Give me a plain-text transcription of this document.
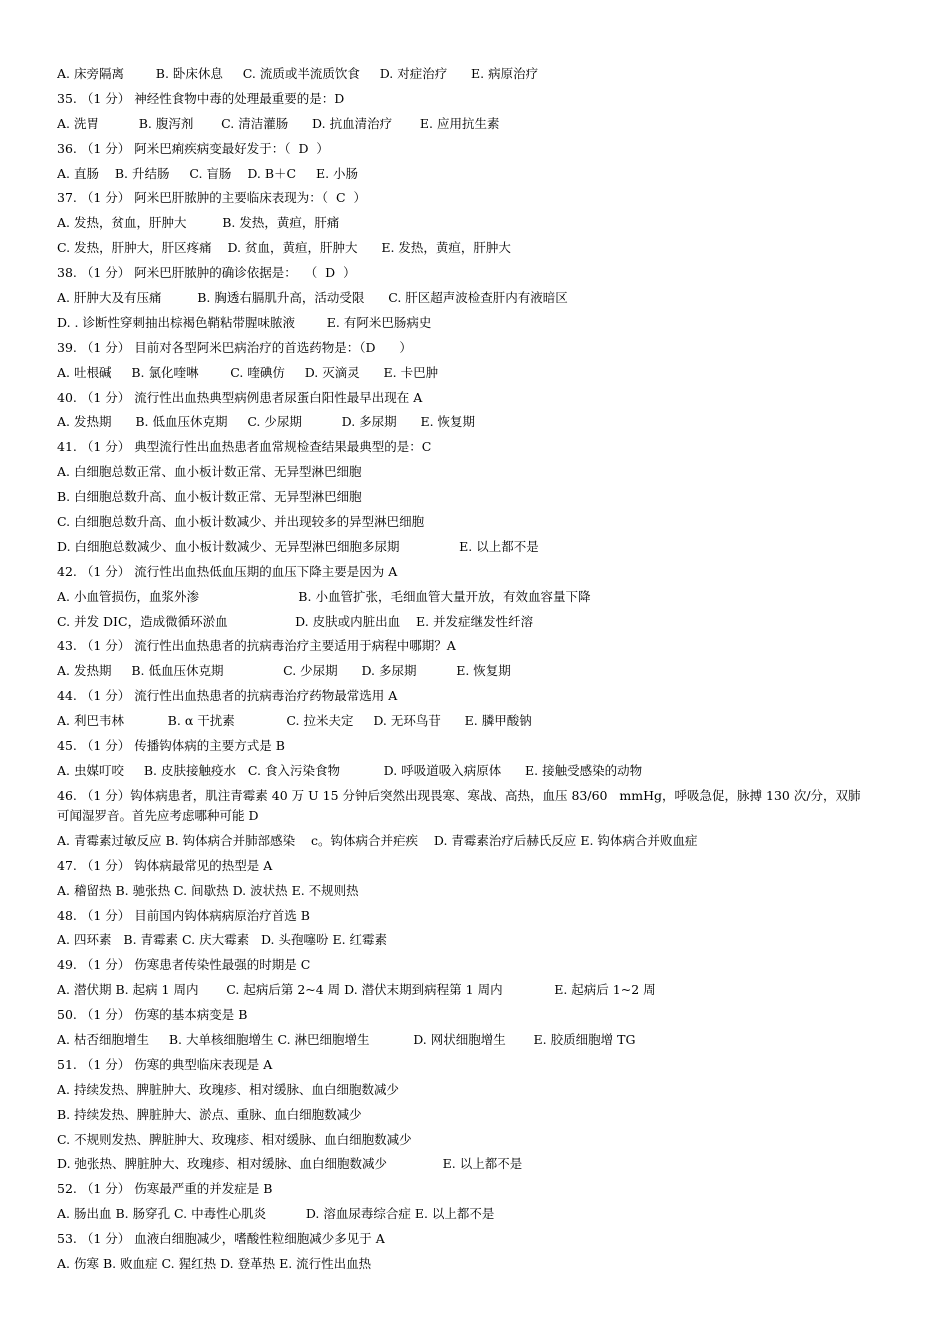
A. 床旁隔离        B. 卧床休息     C. 流质或半流质饮食     D. 对症治疗      E. 病原治疗
35. （1 分） 神经性食物中毒的处理最重要的是：D
A. 洗胃          B. 腹泻剂       C. 清洁灌肠      D. 抗血清治疗       E. 应用抗生素
36. （1 分） 阿米巴痢疾病变最好发于：（  D  ）
A. 直肠    B. 升结肠     C. 盲肠    D. B＋C     E. 小肠
37. （1 分） 阿米巴肝脓肿的主要临床表现为：（  C  ）
A. 发热，贫血，肝肿大         B. 发热，黄疸，肝痛
C. 发热，肝肿大，肝区疼痛    D. 贫血，黄疸，肝肿大      E. 发热，黄疸，肝肿大
38. （1 分） 阿米巴肝脓肿的确诊依据是：  （  D  ）
A. 肝肿大及有压痛         B. 胸透右膈肌升高，活动受限      C. 肝区超声波检查肝内有液暗区
D. . 诊断性穿刺抽出棕褐色鞘粘带腥味脓液        E. 有阿米巴肠病史
39. （1 分） 目前对各型阿米巴病治疗的首选药物是：（D      ）
A. 吐根碱     B. 氯化喹啉        C. 喹碘仿     D. 灭滴灵      E. 卡巴肿
40. （1 分） 流行性出血热典型病例患者尿蛋白阳性最早出现在 A
A. 发热期      B. 低血压休克期     C. 少尿期          D. 多尿期      E. 恢复期
41. （1 分） 典型流行性出血热患者血常规检查结果最典型的是：C
A. 白细胞总数正常、血小板计数正常、无异型淋巴细胞
B. 白细胞总数升高、血小板计数正常、无异型淋巴细胞
C. 白细胞总数升高、血小板计数减少、并出现较多的异型淋巴细胞
D. 白细胞总数减少、血小板计数减少、无异型淋巴细胞多尿期               E. 以上都不是
42. （1 分） 流行性出血热低血压期的血压下降主要是因为 A
A. 小血管损伤，血浆外渗                         B. 小血管扩张，毛细血管大量开放，有效血容量下降
C. 并发 DIC，造成微循环淤血                 D. 皮肤或内脏出血    E. 并发症继发性纤溶
43. （1 分） 流行性出血热患者的抗病毒治疗主要适用于病程中哪期？A
A. 发热期     B. 低血压休克期               C. 少尿期      D. 多尿期          E. 恢复期
44. （1 分） 流行性出血热患者的抗病毒治疗药物最常选用 A
A. 利巴韦林           B. α 干扰素             C. 拉米夫定     D. 无环鸟苷      E. 膦甲酸钠
45. （1 分） 传播钩体病的主要方式是 B
A. 虫媒叮咬     B. 皮肤接触疫水   C. 食入污染食物           D. 呼吸道吸入病原体      E. 接触受感染的动物
46. （1 分）钩体病患者，肌注青霉素 40 万 U 15 分钟后突然出现畏寒、寒战、高热，血压 83/60   mmHg，呼吸急促，脉搏 130 次/分，双肺
可闻湿罗音。首先应考虑哪种可能 D
A. 青霉素过敏反应 B. 钩体病合并肺部感染    c。钩体病合并疟疾    D. 青霉素治疗后赫氏反应 E. 钩体病合并败血症
47. （1 分） 钩体病最常见的热型是 A
A. 稽留热 B. 驰张热 C. 间歇热 D. 波状热 E. 不规则热
48. （1 分） 目前国内钩体病病原治疗首选 B
A. 四环素   B. 青霉素 C. 庆大霉素   D. 头孢噻吩 E. 红霉素
49. （1 分） 伤寒患者传染性最强的时期是 C
A. 潜伏期 B. 起病 1 周内       C. 起病后第 2~4 周 D. 潜伏末期到病程第 1 周内             E. 起病后 1~2 周
50. （1 分） 伤寒的基本病变是 B
A. 枯否细胞增生     B. 大单核细胞增生 C. 淋巴细胞增生           D. 网状细胞增生       E. 胶质细胞增 TG
51. （1 分） 伤寒的典型临床表现是 A
A. 持续发热、脾脏肿大、玫瑰疹、相对缓脉、血白细胞数减少
B. 持续发热、脾脏肿大、淤点、重脉、血白细胞数减少
C. 不规则发热、脾脏肿大、玫瑰疹、相对缓脉、血白细胞数减少
D. 弛张热、脾脏肿大、玫瑰疹、相对缓脉、血白细胞数减少              E. 以上都不是
52. （1 分） 伤寒最严重的并发症是 B
A. 肠出血 B. 肠穿孔 C. 中毒性心肌炎          D. 溶血尿毒综合症 E. 以上都不是
53. （1 分） 血液白细胞减少，嗜酸性粒细胞减少多见于 A
A. 伤寒 B. 败血症 C. 猩红热 D. 登革热 E. 流行性出血热
